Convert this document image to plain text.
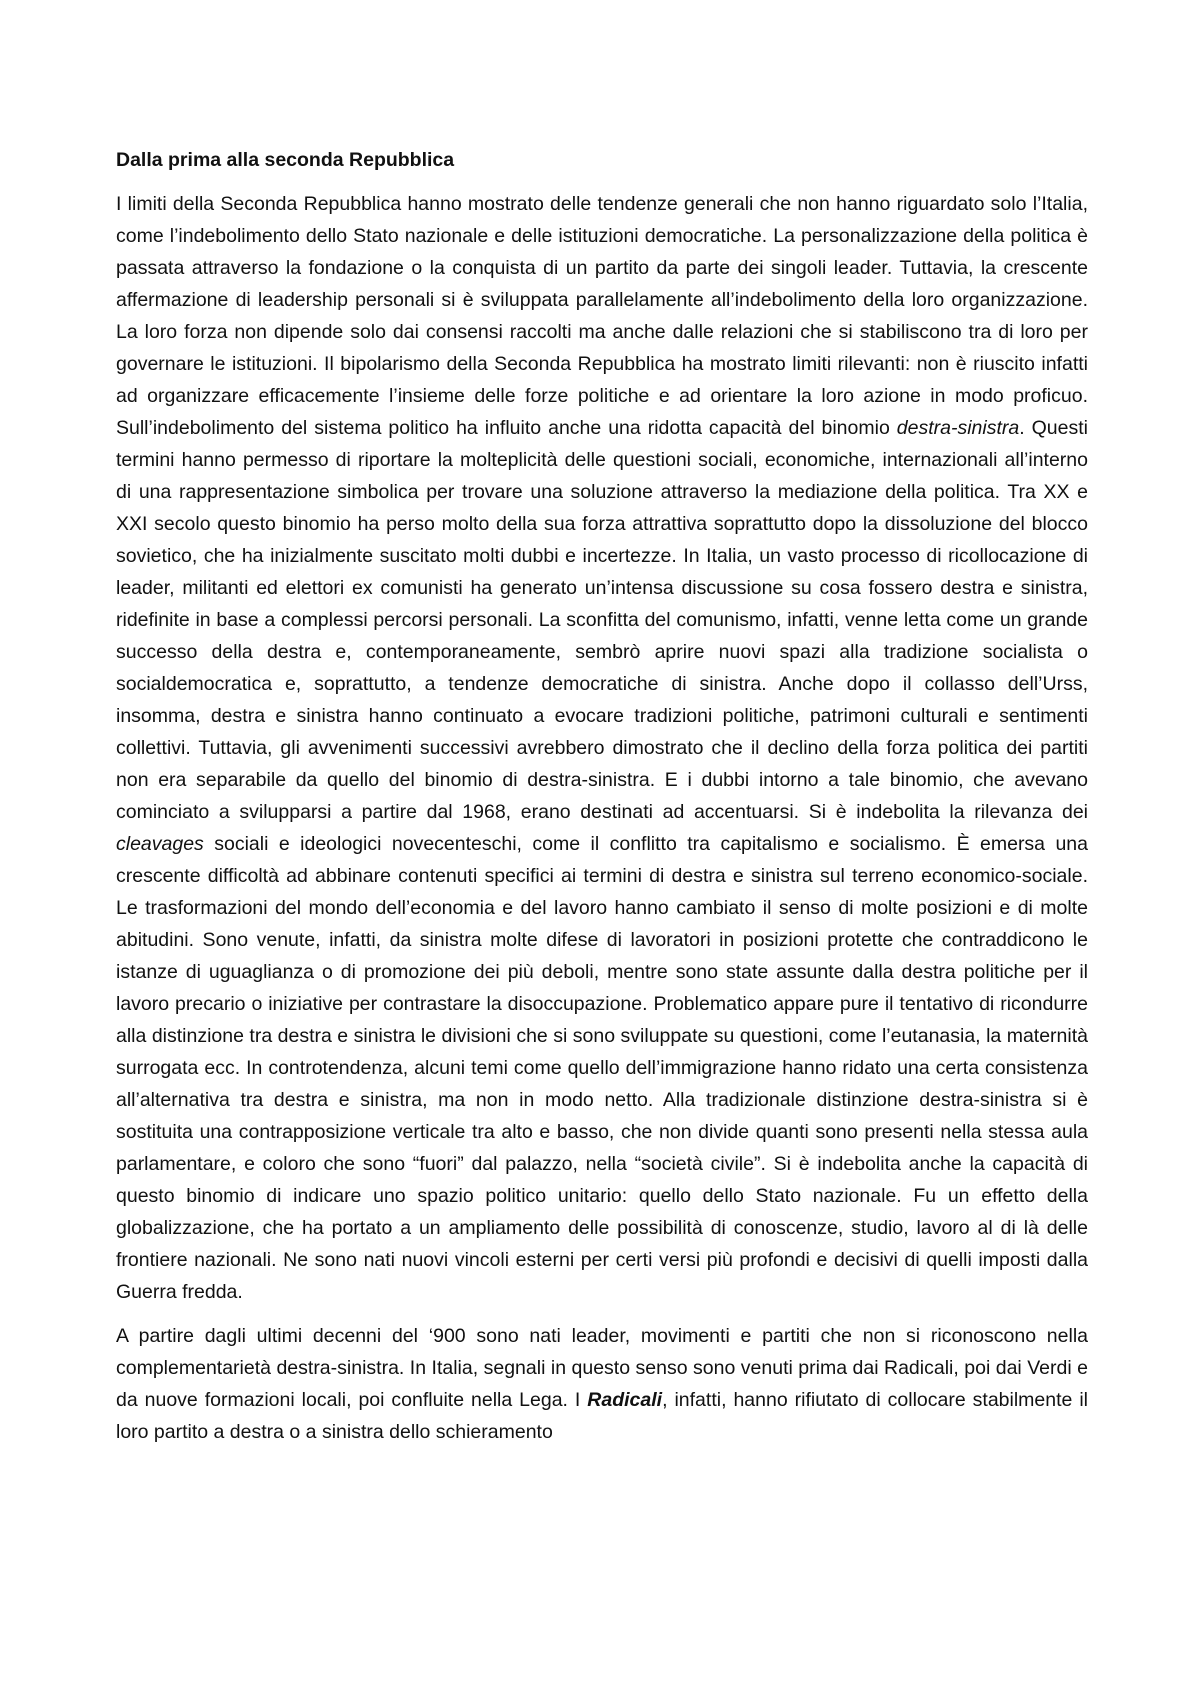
Dalla prima alla seconda Repubblica

I limiti della Seconda Repubblica hanno mostrato delle tendenze generali che non hanno riguardato solo l’Italia, come l’indebolimento dello Stato nazionale e delle istituzioni democratiche. La personalizzazione della politica è passata attraverso la fondazione o la conquista di un partito da parte dei singoli leader. Tuttavia, la crescente affermazione di leadership personali si è sviluppata parallelamente all’indebolimento della loro organizzazione. La loro forza non dipende solo dai consensi raccolti ma anche dalle relazioni che si stabiliscono tra di loro per governare le istituzioni. Il bipolarismo della Seconda Repubblica ha mostrato limiti rilevanti: non è riuscito infatti ad organizzare efficacemente l’insieme delle forze politiche e ad orientare la loro azione in modo proficuo. Sull’indebolimento del sistema politico ha influito anche una ridotta capacità del binomio destra-sinistra. Questi termini hanno permesso di riportare la molteplicità delle questioni sociali, economiche, internazionali all’interno di una rappresentazione simbolica per trovare una soluzione attraverso la mediazione della politica. Tra XX e XXI secolo questo binomio ha perso molto della sua forza attrattiva soprattutto dopo la dissoluzione del blocco sovietico, che ha inizialmente suscitato molti dubbi e incertezze. In Italia, un vasto processo di ricollocazione di leader, militanti ed elettori ex comunisti ha generato un’intensa discussione su cosa fossero destra e sinistra, ridefinite in base a complessi percorsi personali. La sconfitta del comunismo, infatti, venne letta come un grande successo della destra e, contemporaneamente, sembrò aprire nuovi spazi alla tradizione socialista o socialdemocratica e, soprattutto, a tendenze democratiche di sinistra. Anche dopo il collasso dell’Urss, insomma, destra e sinistra hanno continuato a evocare tradizioni politiche, patrimoni culturali e sentimenti collettivi. Tuttavia, gli avvenimenti successivi avrebbero dimostrato che il declino della forza politica dei partiti non era separabile da quello del binomio di destra-sinistra. E i dubbi intorno a tale binomio, che avevano cominciato a svilupparsi a partire dal 1968, erano destinati ad accentuarsi. Si è indebolita la rilevanza dei cleavages sociali e ideologici novecenteschi, come il conflitto tra capitalismo e socialismo. È emersa una crescente difficoltà ad abbinare contenuti specifici ai termini di destra e sinistra sul terreno economico-sociale. Le trasformazioni del mondo dell’economia e del lavoro hanno cambiato il senso di molte posizioni e di molte abitudini. Sono venute, infatti, da sinistra molte difese di lavoratori in posizioni protette che contraddicono le istanze di uguaglianza o di promozione dei più deboli, mentre sono state assunte dalla destra politiche per il lavoro precario o iniziative per contrastare la disoccupazione. Problematico appare pure il tentativo di ricondurre alla distinzione tra destra e sinistra le divisioni che si sono sviluppate su questioni, come l’eutanasia, la maternità surrogata ecc. In controtendenza, alcuni temi come quello dell’immigrazione hanno ridato una certa consistenza all’alternativa tra destra e sinistra, ma non in modo netto. Alla tradizionale distinzione destra-sinistra si è sostituita una contrapposizione verticale tra alto e basso, che non divide quanti sono presenti nella stessa aula parlamentare, e coloro che sono “fuori” dal palazzo, nella “società civile”. Si è indebolita anche la capacità di questo binomio di indicare uno spazio politico unitario: quello dello Stato nazionale. Fu un effetto della globalizzazione, che ha portato a un ampliamento delle possibilità di conoscenze, studio, lavoro al di là delle frontiere nazionali. Ne sono nati nuovi vincoli esterni per certi versi più profondi e decisivi di quelli imposti dalla Guerra fredda.

A partire dagli ultimi decenni del ‘900 sono nati leader, movimenti e partiti che non si riconoscono nella complementarietà destra-sinistra. In Italia, segnali in questo senso sono venuti prima dai Radicali, poi dai Verdi e da nuove formazioni locali, poi confluite nella Lega. I Radicali, infatti, hanno rifiutato di collocare stabilmente il loro partito a destra o a sinistra dello schieramento
